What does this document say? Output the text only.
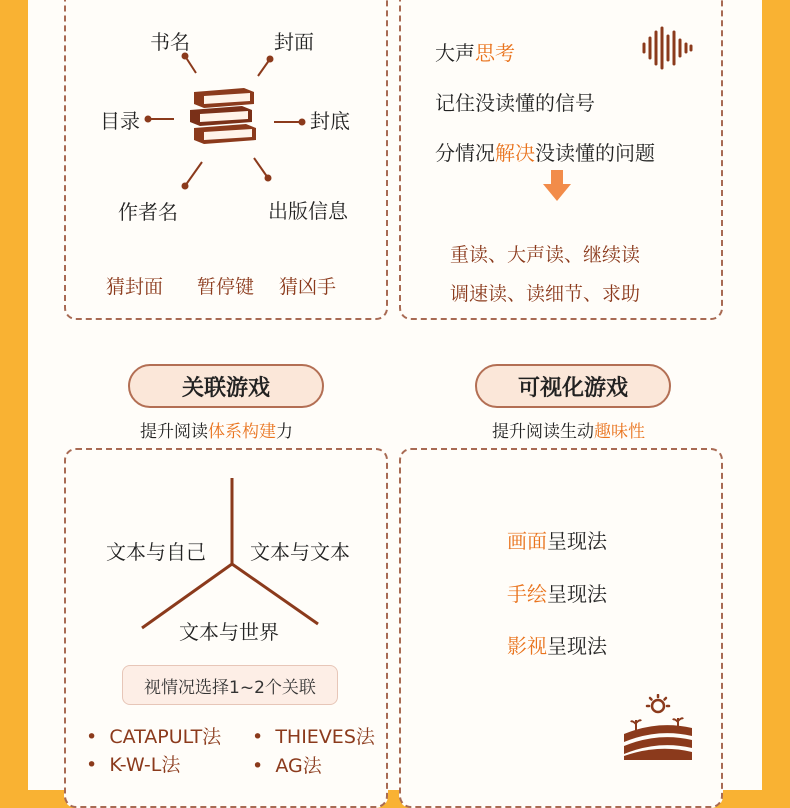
书名	封面
目录	封底
作者名	出版信息
猜封面 暂停键 猜凶手
大声思考
记住没读懂的信号
分情况解决没读懂的问题
重读、大声读、继续读
调速读、读细节、求助
关联游戏
提升阅读体系构建力
可视化游戏
提升阅读生动趣味性
文本与自己 文本与文本
文本与世界
视情况选择1~2个关联
• CATAPULT法 • THIEVES法
• K-W-L法	• AG法
画面呈现法
手绘呈现法
影视呈现法
